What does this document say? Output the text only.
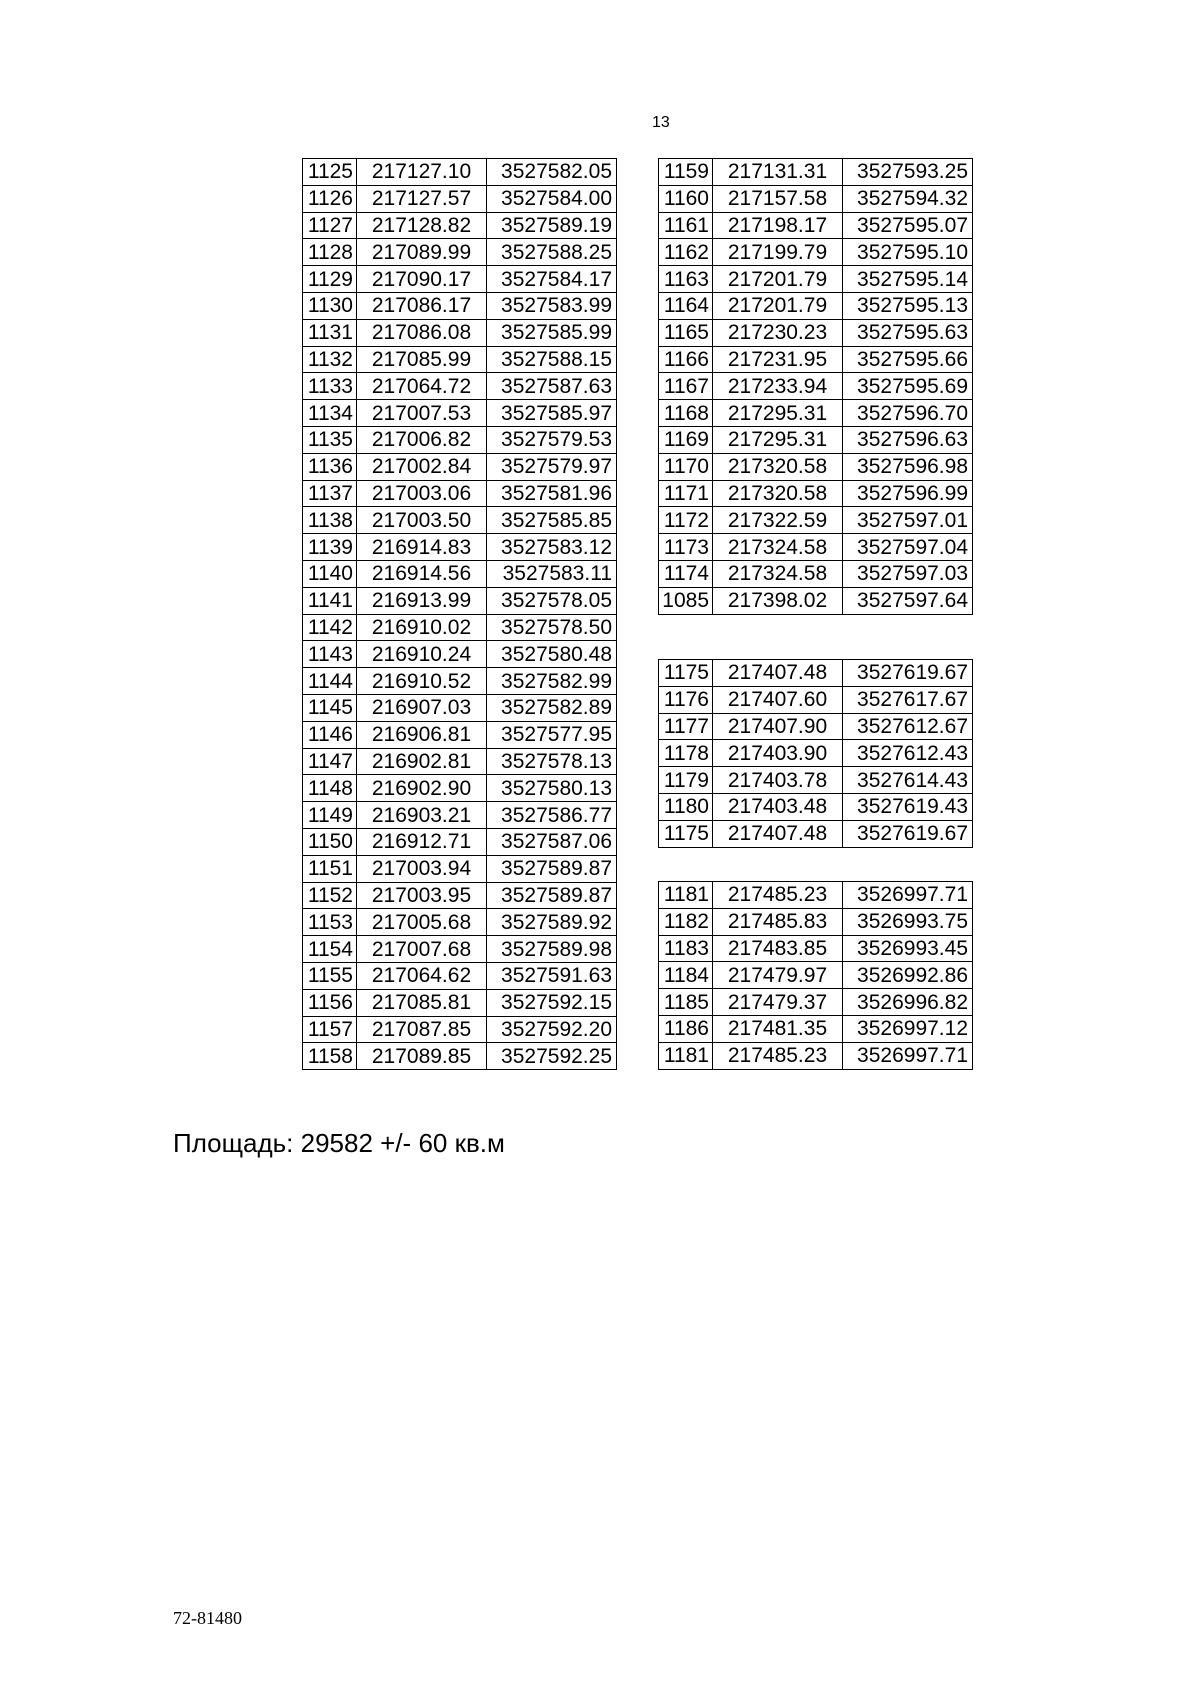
13
1125	217127.10	3527582.05
1126	217127.57	3527584.00
1127	217128.82	3527589.19
1128	217089.99	3527588.25
1129	217090.17	3527584.17
1130	217086.17	3527583.99
1131	217086.08	3527585.99
1132	217085.99	3527588.15
1133	217064.72	3527587.63
1134	217007.53	3527585.97
1135	217006.82	3527579.53
1136	217002.84	3527579.97
1137	217003.06	3527581.96
1138	217003.50	3527585.85
1139	216914.83	3527583.12
1140	216914.56	3527583.11
1141	216913.99	3527578.05
1142	216910.02	3527578.50
1143	216910.24	3527580.48
1144	216910.52	3527582.99
1145	216907.03	3527582.89
1146	216906.81	3527577.95
1147	216902.81	3527578.13
1148	216902.90	3527580.13
1149	216903.21	3527586.77
1150	216912.71	3527587.06
1151	217003.94	3527589.87
1152	217003.95	3527589.87
1153	217005.68	3527589.92
1154	217007.68	3527589.98
1155	217064.62	3527591.63
1156	217085.81	3527592.15
1157	217087.85	3527592.20
1158	217089.85	3527592.25
1159	217131.31	3527593.25
1160	217157.58	3527594.32
1161	217198.17	3527595.07
1162	217199.79	3527595.10
1163	217201.79	3527595.14
1164	217201.79	3527595.13
1165	217230.23	3527595.63
1166	217231.95	3527595.66
1167	217233.94	3527595.69
1168	217295.31	3527596.70
1169	217295.31	3527596.63
1170	217320.58	3527596.98
1171	217320.58	3527596.99
1172	217322.59	3527597.01
1173	217324.58	3527597.04
1174	217324.58	3527597.03
1085	217398.02	3527597.64
1175	217407.48	3527619.67
1176	217407.60	3527617.67
1177	217407.90	3527612.67
1178	217403.90	3527612.43
1179	217403.78	3527614.43
1180	217403.48	3527619.43
1175	217407.48	3527619.67
1181	217485.23	3526997.71
1182	217485.83	3526993.75
1183	217483.85	3526993.45
1184	217479.97	3526992.86
1185	217479.37	3526996.82
1186	217481.35	3526997.12
1181	217485.23	3526997.71
Площадь: 29582 +/- 60 кв.м
72-81480
